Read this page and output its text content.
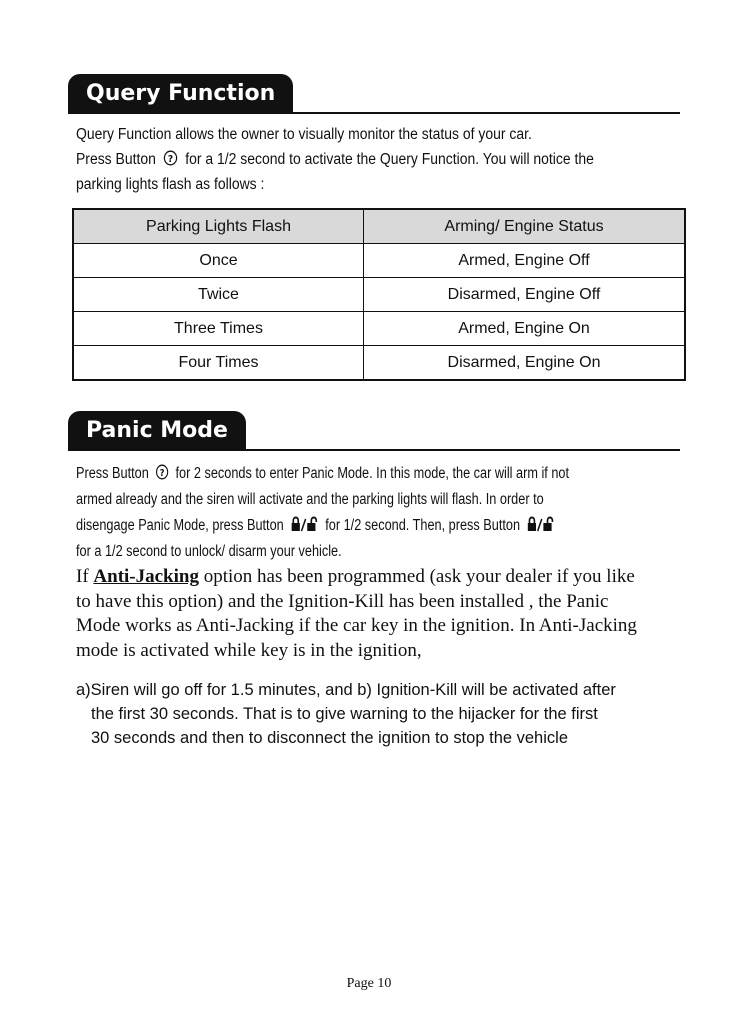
Query Function
Query Function allows the owner to visually monitor the status of your car.
Press Button ? for a 1/2 second to activate the Query Function. You will notice the
parking lights flash as follows :
Parking Lights Flash	Arming/ Engine Status
Once	Armed, Engine Off
Twice	Disarmed, Engine Off
Three Times	Armed, Engine On
Four Times	Disarmed, Engine On
Panic Mode
Press Button ? for 2 seconds to enter Panic Mode. In this mode, the car will arm if not
armed already and the siren will activate and the parking lights will flash. In order to
disengage Panic Mode, press Button	for 1/2 second. Then, press Button
for a 1/2 second to unlock/ disarm your vehicle.
If Anti-Jacking option has been programmed (ask your dealer if you like
to have this option) and the Ignition-Kill has been installed , the Panic
Mode works as Anti-Jacking if the car key in the ignition. In Anti-Jacking
mode is activated while key is in the ignition,
a)Siren will go off for 1.5 minutes, and b) Ignition-Kill will be activated after
the first 30 seconds. That is to give warning to the hijacker for the first
30 seconds and then to disconnect the ignition to stop the vehicle
Page 10
